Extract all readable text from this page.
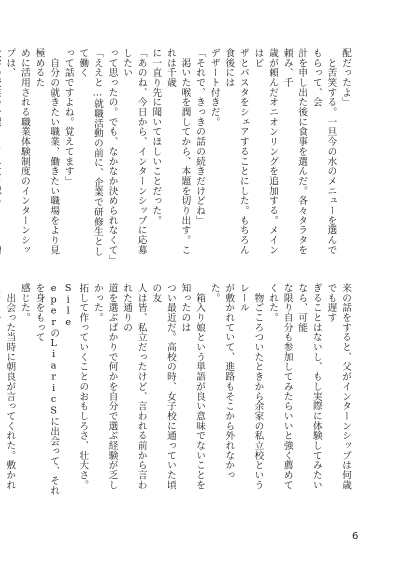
配だったよ」

　と苦笑する。一旦今の水のメニューを選んでもらって、会

計を申し出た後に食事を選んだ。各々タラタを頼み、千

歳が頼んだオニオンリングを追加する。メインはピ

ザとパスタをシェアすることにした。もちろん食後には

デザート付きだ。

「それで、きっきの話の続きだけどね」

　渇いた喉を潤してから、本題を切り出す。これは千歳

に一直り先に聞いてほしいことだった。

「あのね、今日から、インターンシップに応募したい

って思ったの。でも、なかなか決められなくて」

「ええと…就職活動の前に、企業で研修生として働く

って話ですよね。覚えてます」

　自分の就きたい職業、働きたい職場をより見極めるた

めに活用される職業体験制度のインターンシップは、

来の話をすると、父がインターンシップは何歳でも遅す

ぎることはないし、もし実際に体験してみたいなら、可能

な限り自分も参加してみたらいいと強く薦めてくれた。

　物ごころついたときから余家の私立校というレール

が敷かれていて、進路もそこから外れなかった。

　箱入り娘という単語が良い意味でないことを知ったのは

つい最近だ。高校の時、女子校に通っていた頃の友

人は皆、私立だったけど、言われる前から言われた通りの

道を選ぶばかりで何かを自分で選ぶ経験が乏しかった。

拓して作っていくことのおもしろさ、壮大さ。Sile

eperのLiaricSに出会って、それを身をもって

感じた。

　出会った当時に朝良が言ってくれた。敷かれ

6
